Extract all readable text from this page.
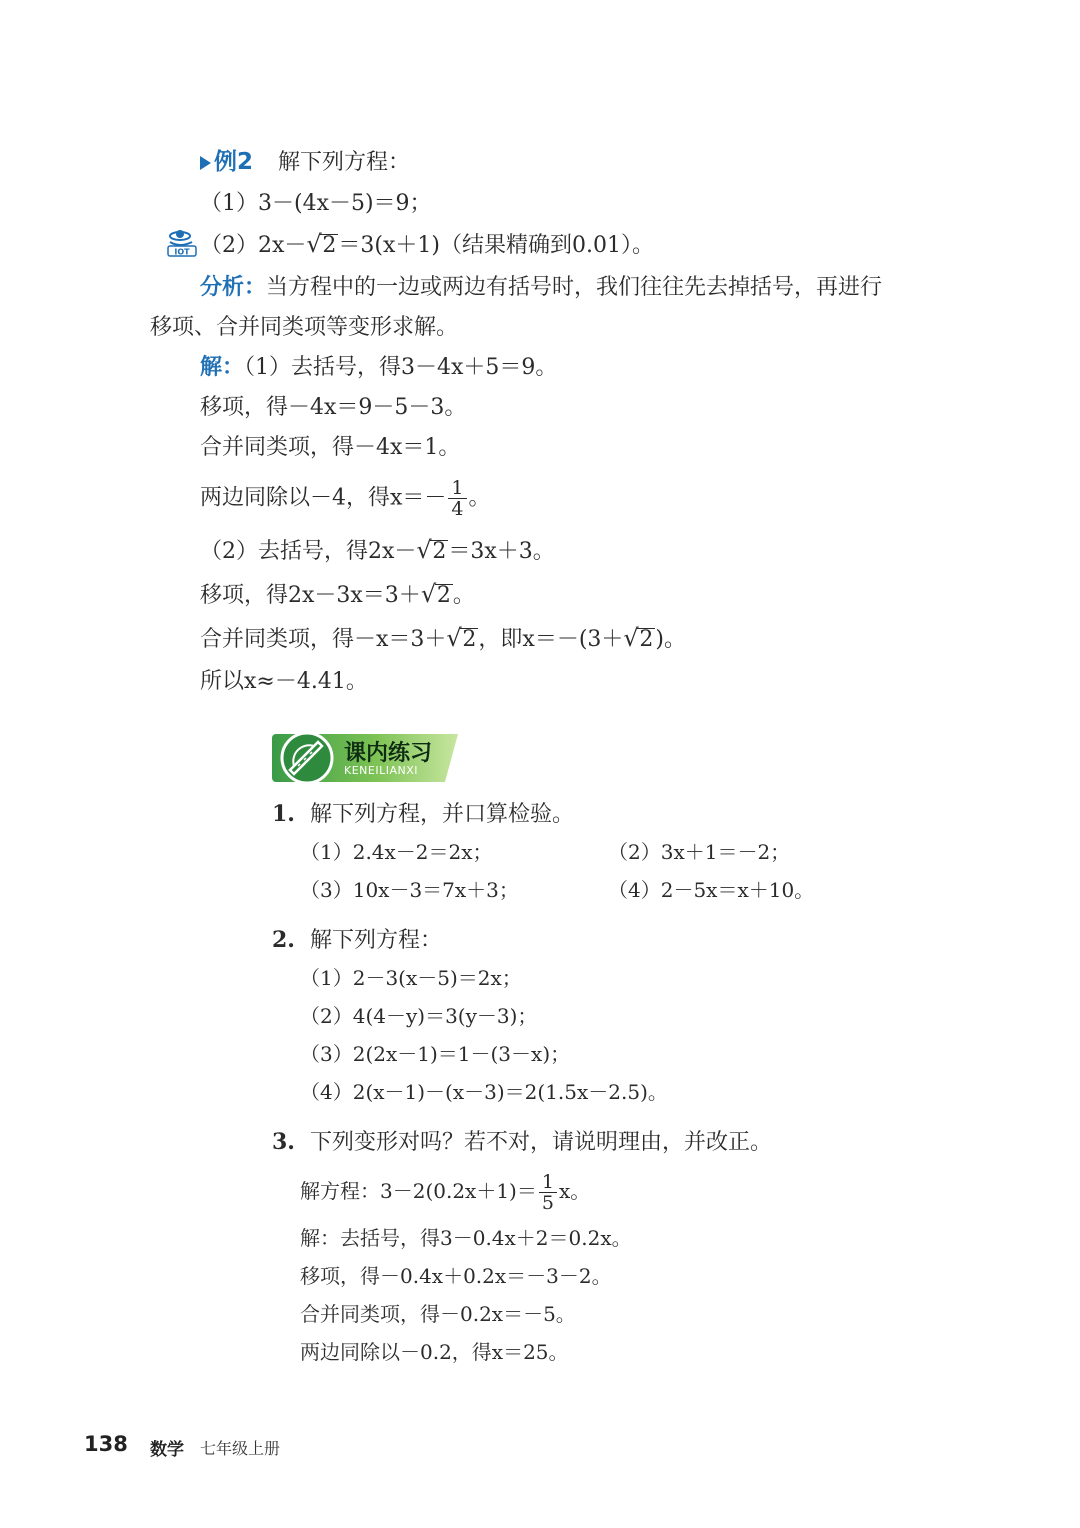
例2 解下列方程：
（1）3－(4x－5)＝9；
IOT （2）2x－ √ 2＝3(x＋1)（结果精确到0.01）。
分析：当方程中的一边或两边有括号时，我们往往先去掉括号，再进行
移项、合并同类项等变形求解。
解：（1）去括号，得3－4x＋5＝9。
移项，得－4x＝9－5－3。
合并同类项，得－4x＝1。
两边同除以－4，得$x=- \frac{1}{4}$ 。
（2）去括号，得2x－ √ 2＝3x＋3。
移项，得2x－3x＝3＋ √ 2。
合并同类项，得－x＝3＋ √ 2，即x＝－(3＋ √ 2)。
所以x≈－4.41。
课内练习
KENEILIANXI
1. 解下列方程，并口算检验。
（1）2.4x－2＝2x；	（2）3x＋1＝－2；
（3）10x－3＝7x＋3；	（4）2－5x＝x＋10。
2. 解下列方程：
（1）2－3(x－5)＝2x；
（2）4(4－y)＝3(y－3)；
（3）2(2x－1)＝1－(3－x)；
（4）2(x－1)－(x－3)＝2(1.5x－2.5)。
3. 下列变形对吗？若不对，请说明理由，并改正。
解方程：$3-2(0.2x+1)= \frac{1}{5}$ x。
解：去括号，得3－0.4x＋2＝0.2x。
移项，得－0.4x＋0.2x＝－3－2。
合并同类项，得－0.2x＝－5。
两边同除以－0.2，得x＝25。
138 数学 七年级上册
